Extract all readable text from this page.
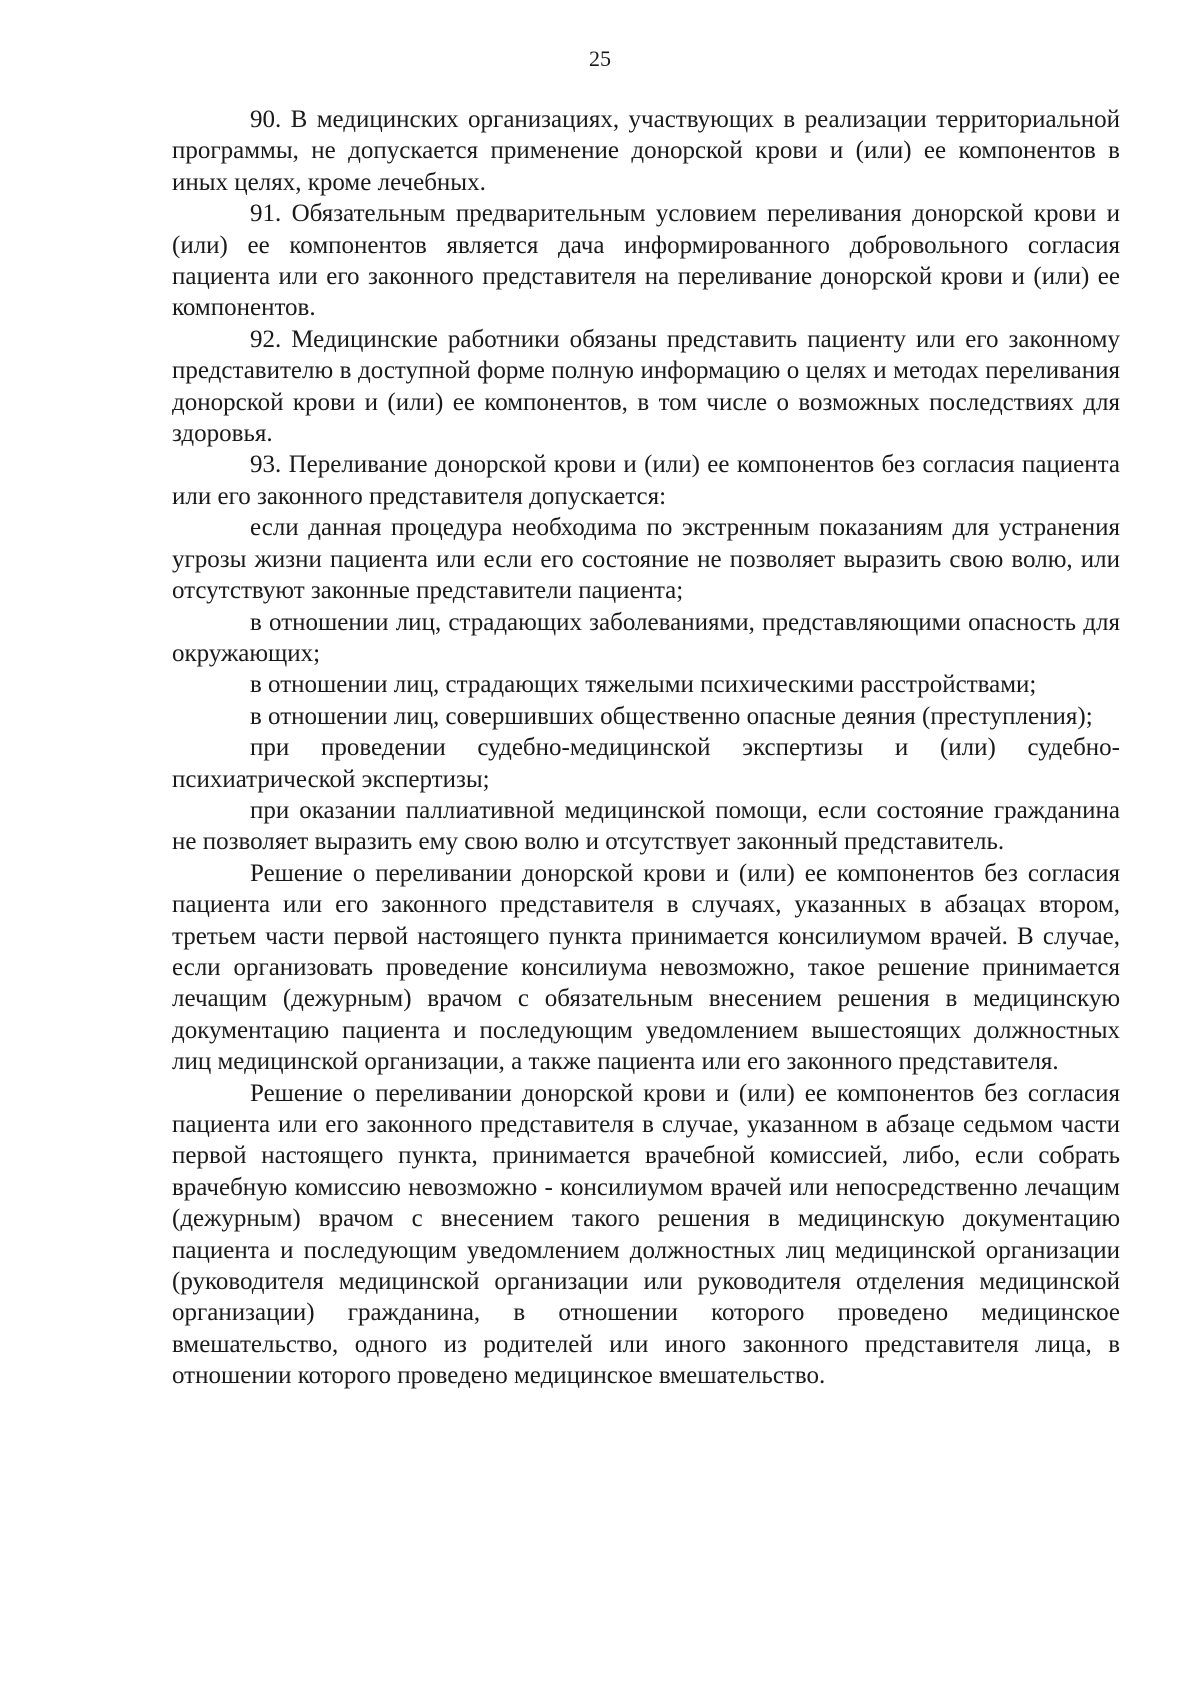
25

90. В медицинских организациях, участвующих в реализации территориальной программы, не допускается применение донорской крови и (или) ее компонентов в иных целях, кроме лечебных.

91. Обязательным предварительным условием переливания донорской крови и (или) ее компонентов является дача информированного добровольного согласия пациента или его законного представителя на переливание донорской крови и (или) ее компонентов.

92. Медицинские работники обязаны представить пациенту или его законному представителю в доступной форме полную информацию о целях и методах переливания донорской крови и (или) ее компонентов, в том числе о возможных последствиях для здоровья.

93. Переливание донорской крови и (или) ее компонентов без согласия пациента или его законного представителя допускается:

если данная процедура необходима по экстренным показаниям для устранения угрозы жизни пациента или если его состояние не позволяет выразить свою волю, или отсутствуют законные представители пациента;

в отношении лиц, страдающих заболеваниями, представляющими опасность для окружающих;

в отношении лиц, страдающих тяжелыми психическими расстройствами;

в отношении лиц, совершивших общественно опасные деяния (преступления);

при проведении судебно-медицинской экспертизы и (или) судебно-психиатрической экспертизы;

при оказании паллиативной медицинской помощи, если состояние гражданина не позволяет выразить ему свою волю и отсутствует законный представитель.

Решение о переливании донорской крови и (или) ее компонентов без согласия пациента или его законного представителя в случаях, указанных в абзацах втором, третьем части первой настоящего пункта принимается консилиумом врачей. В случае, если организовать проведение консилиума невозможно, такое решение принимается лечащим (дежурным) врачом с обязательным внесением решения в медицинскую документацию пациента и последующим уведомлением вышестоящих должностных лиц медицинской организации, а также пациента или его законного представителя.

Решение о переливании донорской крови и (или) ее компонентов без согласия пациента или его законного представителя в случае, указанном в абзаце седьмом части первой настоящего пункта, принимается врачебной комиссией, либо, если собрать врачебную комиссию невозможно - консилиумом врачей или непосредственно лечащим (дежурным) врачом с внесением такого решения в медицинскую документацию пациента и последующим уведомлением должностных лиц медицинской организации (руководителя медицинской организации или руководителя отделения медицинской организации) гражданина, в отношении которого проведено медицинское вмешательство, одного из родителей или иного законного представителя лица, в отношении которого проведено медицинское вмешательство.
